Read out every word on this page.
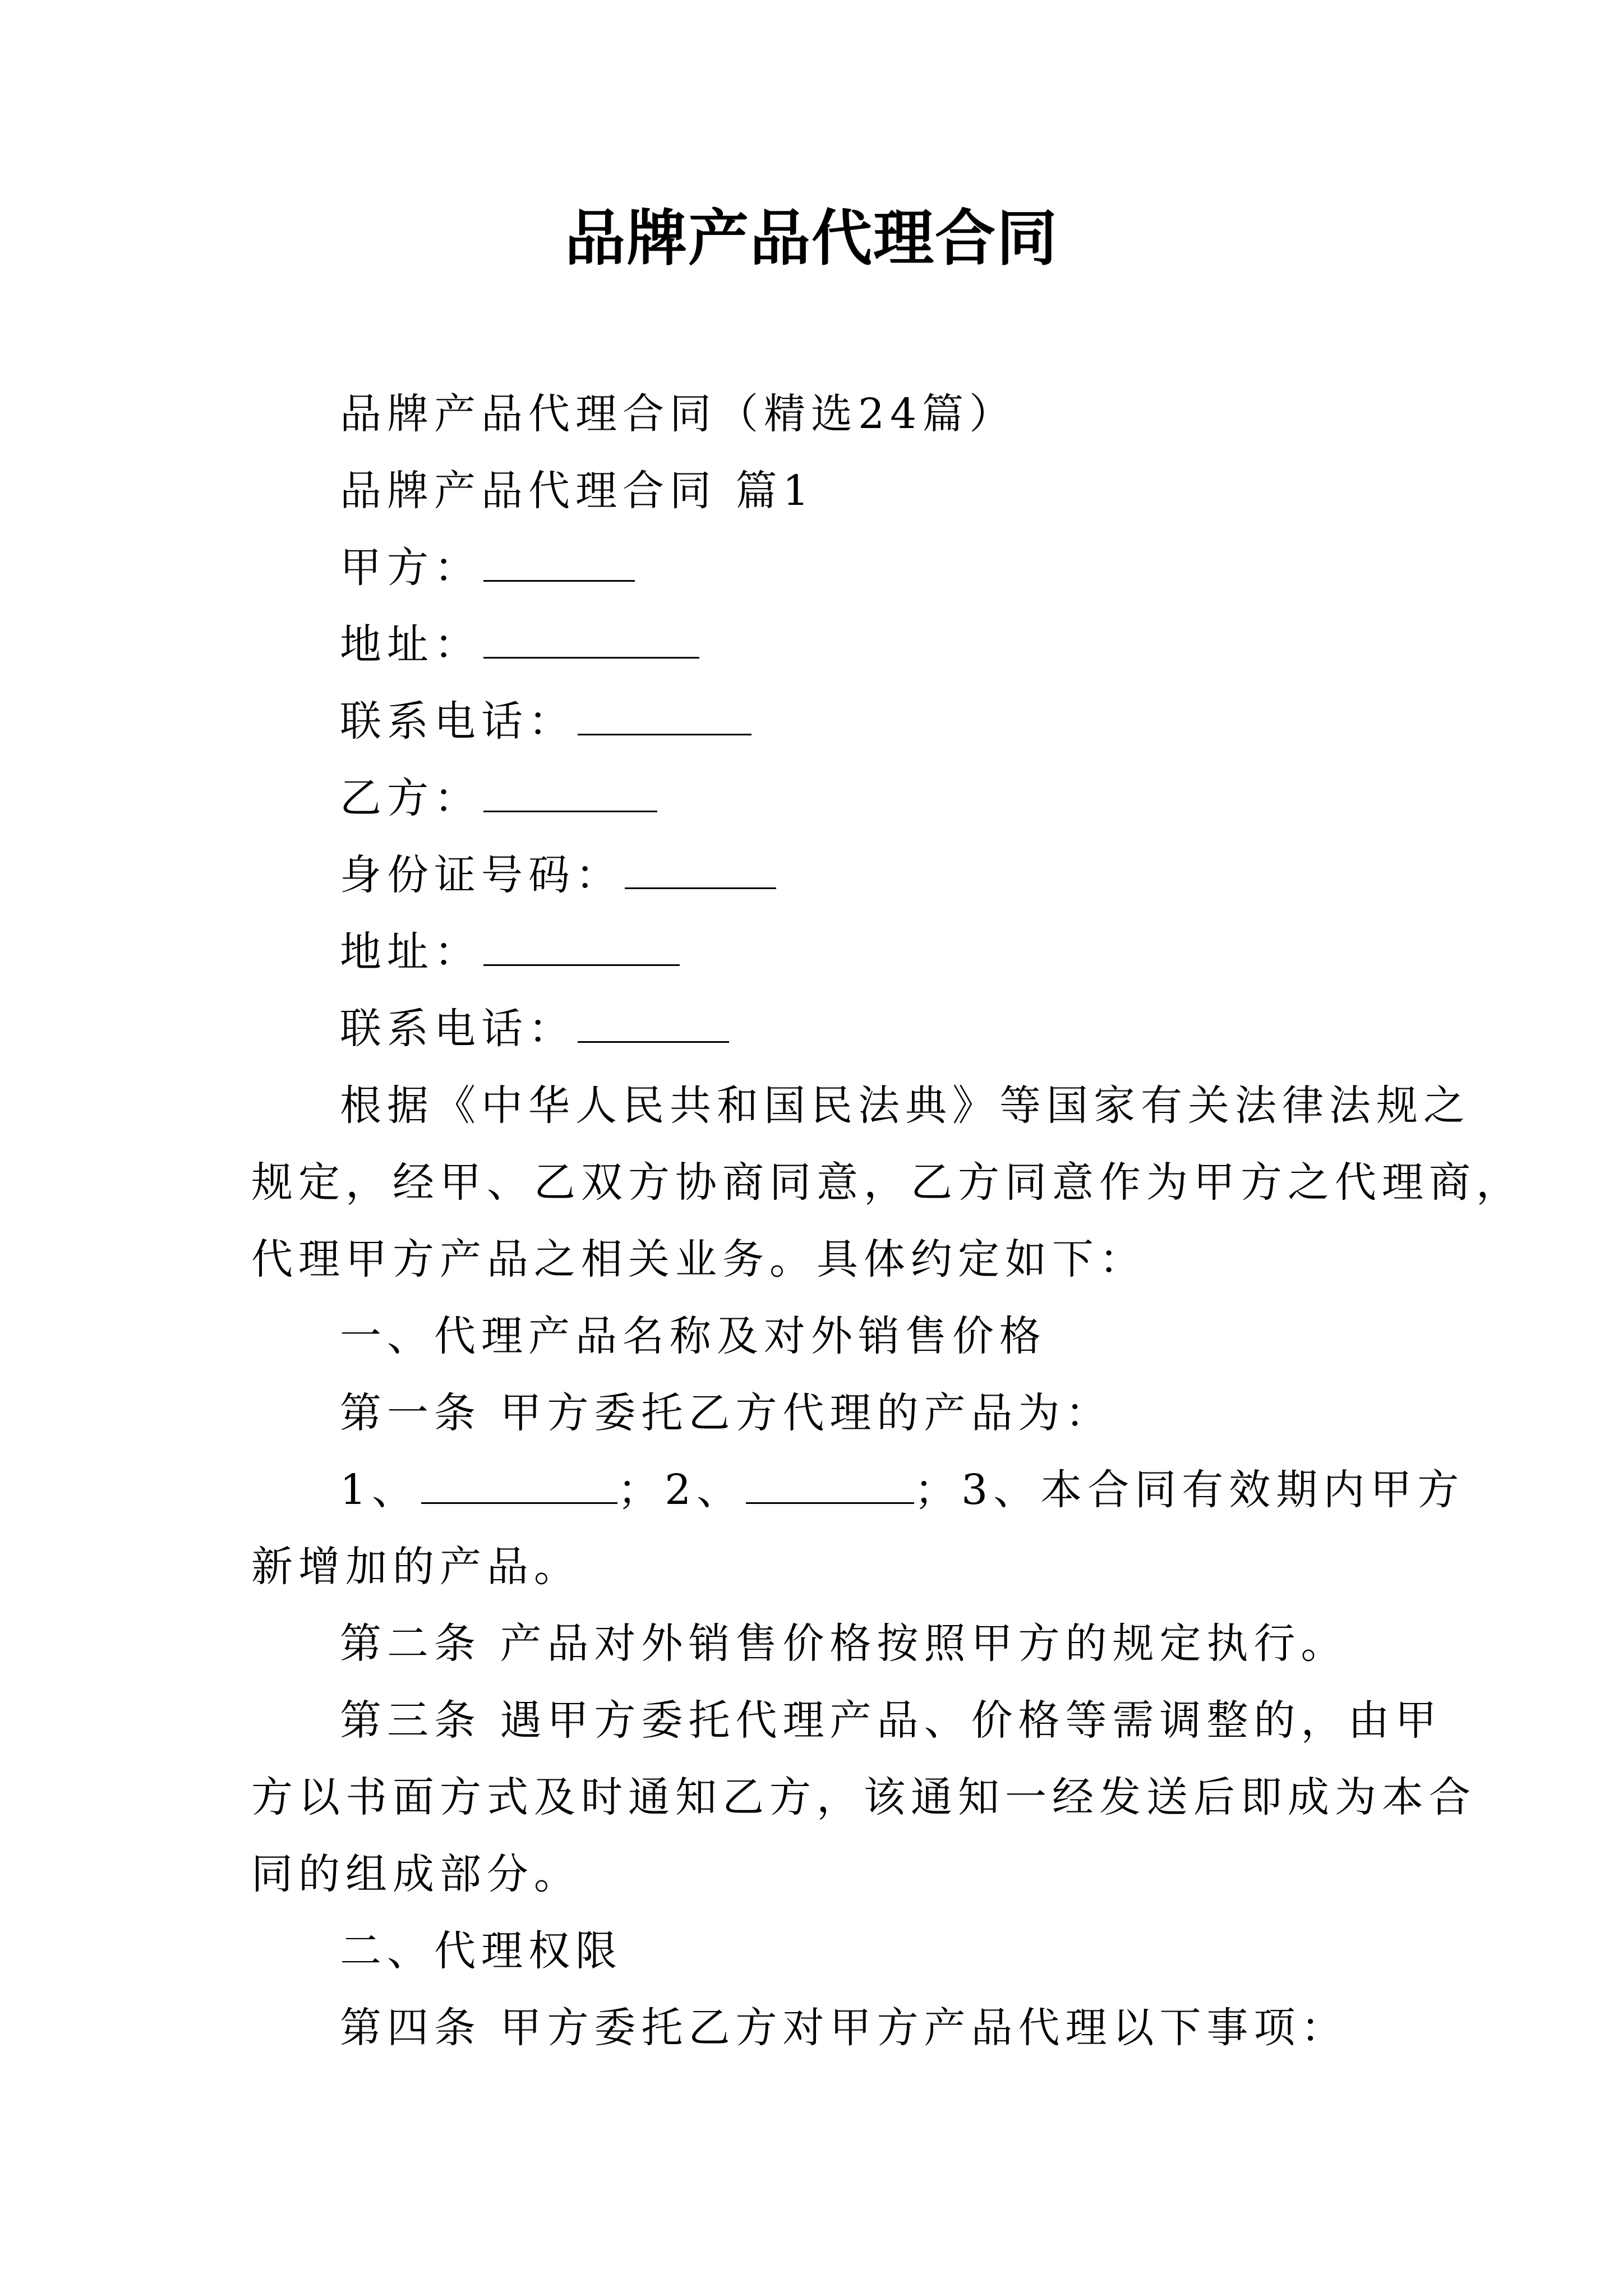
品牌产品代理合同
品牌产品代理合同（精选24篇）
品牌产品代理合同 篇1
甲方：
地址：
联系电话：
乙方：
身份证号码：
地址：
联系电话：
根据《中华人民共和国民法典》等国家有关法律法规之
规定，经甲、乙双方协商同意，乙方同意作为甲方之代理商，
代理甲方产品之相关业务。具体约定如下：
一、代理产品名称及对外销售价格
第一条 甲方委托乙方代理的产品为：
1、	；2、	；3、本合同有效期内甲方
新增加的产品。
第二条 产品对外销售价格按照甲方的规定执行。
第三条 遇甲方委托代理产品、价格等需调整的，由甲
方以书面方式及时通知乙方，该通知一经发送后即成为本合
同的组成部分。
二、代理权限
第四条 甲方委托乙方对甲方产品代理以下事项：
